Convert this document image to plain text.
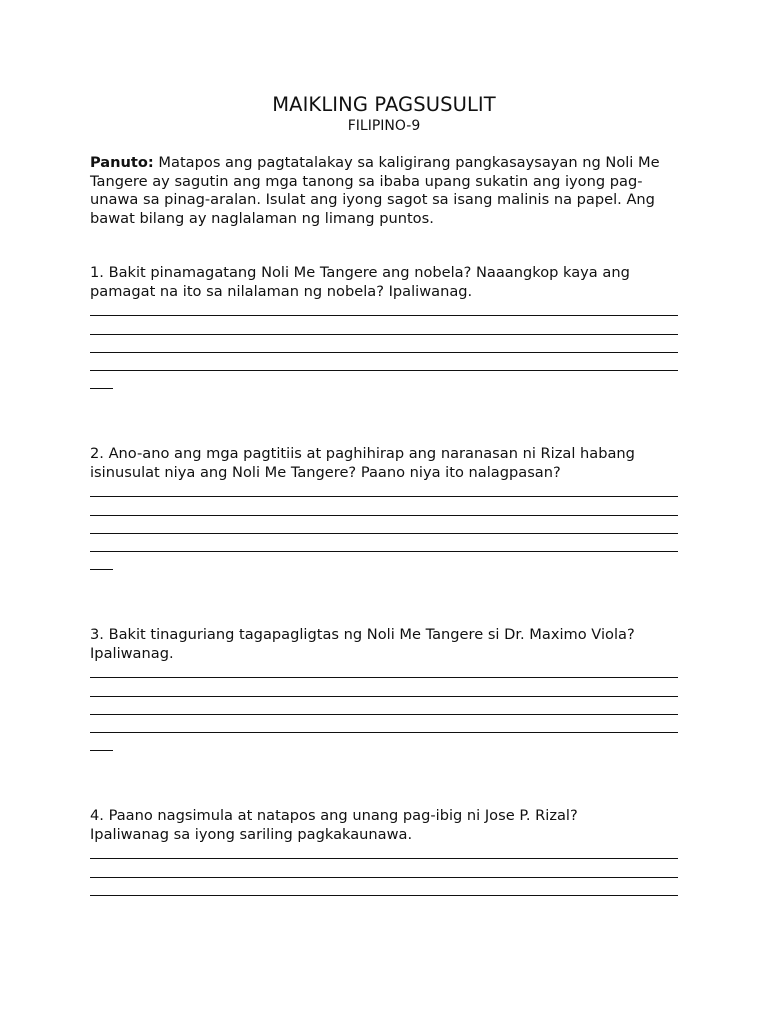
MAIKLING PAGSUSULIT
FILIPINO-9
Panuto: Matapos ang pagtatalakay sa kaligirang pangkasaysayan ng Noli Me Tangere ay sagutin ang mga tanong sa ibaba upang sukatin ang iyong pag-unawa sa pinag-aralan. Isulat ang iyong sagot sa isang malinis na papel. Ang bawat bilang ay naglalaman ng limang puntos.
1. Bakit pinamagatang Noli Me Tangere ang nobela? Naaangkop kaya ang
pamagat na ito sa nilalaman ng nobela? Ipaliwanag.
2. Ano-ano ang mga pagtitiis at paghihirap ang naranasan ni Rizal habang
isinusulat niya ang Noli Me Tangere? Paano niya ito nalagpasan?
3. Bakit tinaguriang tagapagligtas ng Noli Me Tangere si Dr. Maximo Viola?
Ipaliwanag.
4. Paano nagsimula at natapos ang unang pag-ibig ni Jose P. Rizal?
Ipaliwanag sa iyong sariling pagkakaunawa.
